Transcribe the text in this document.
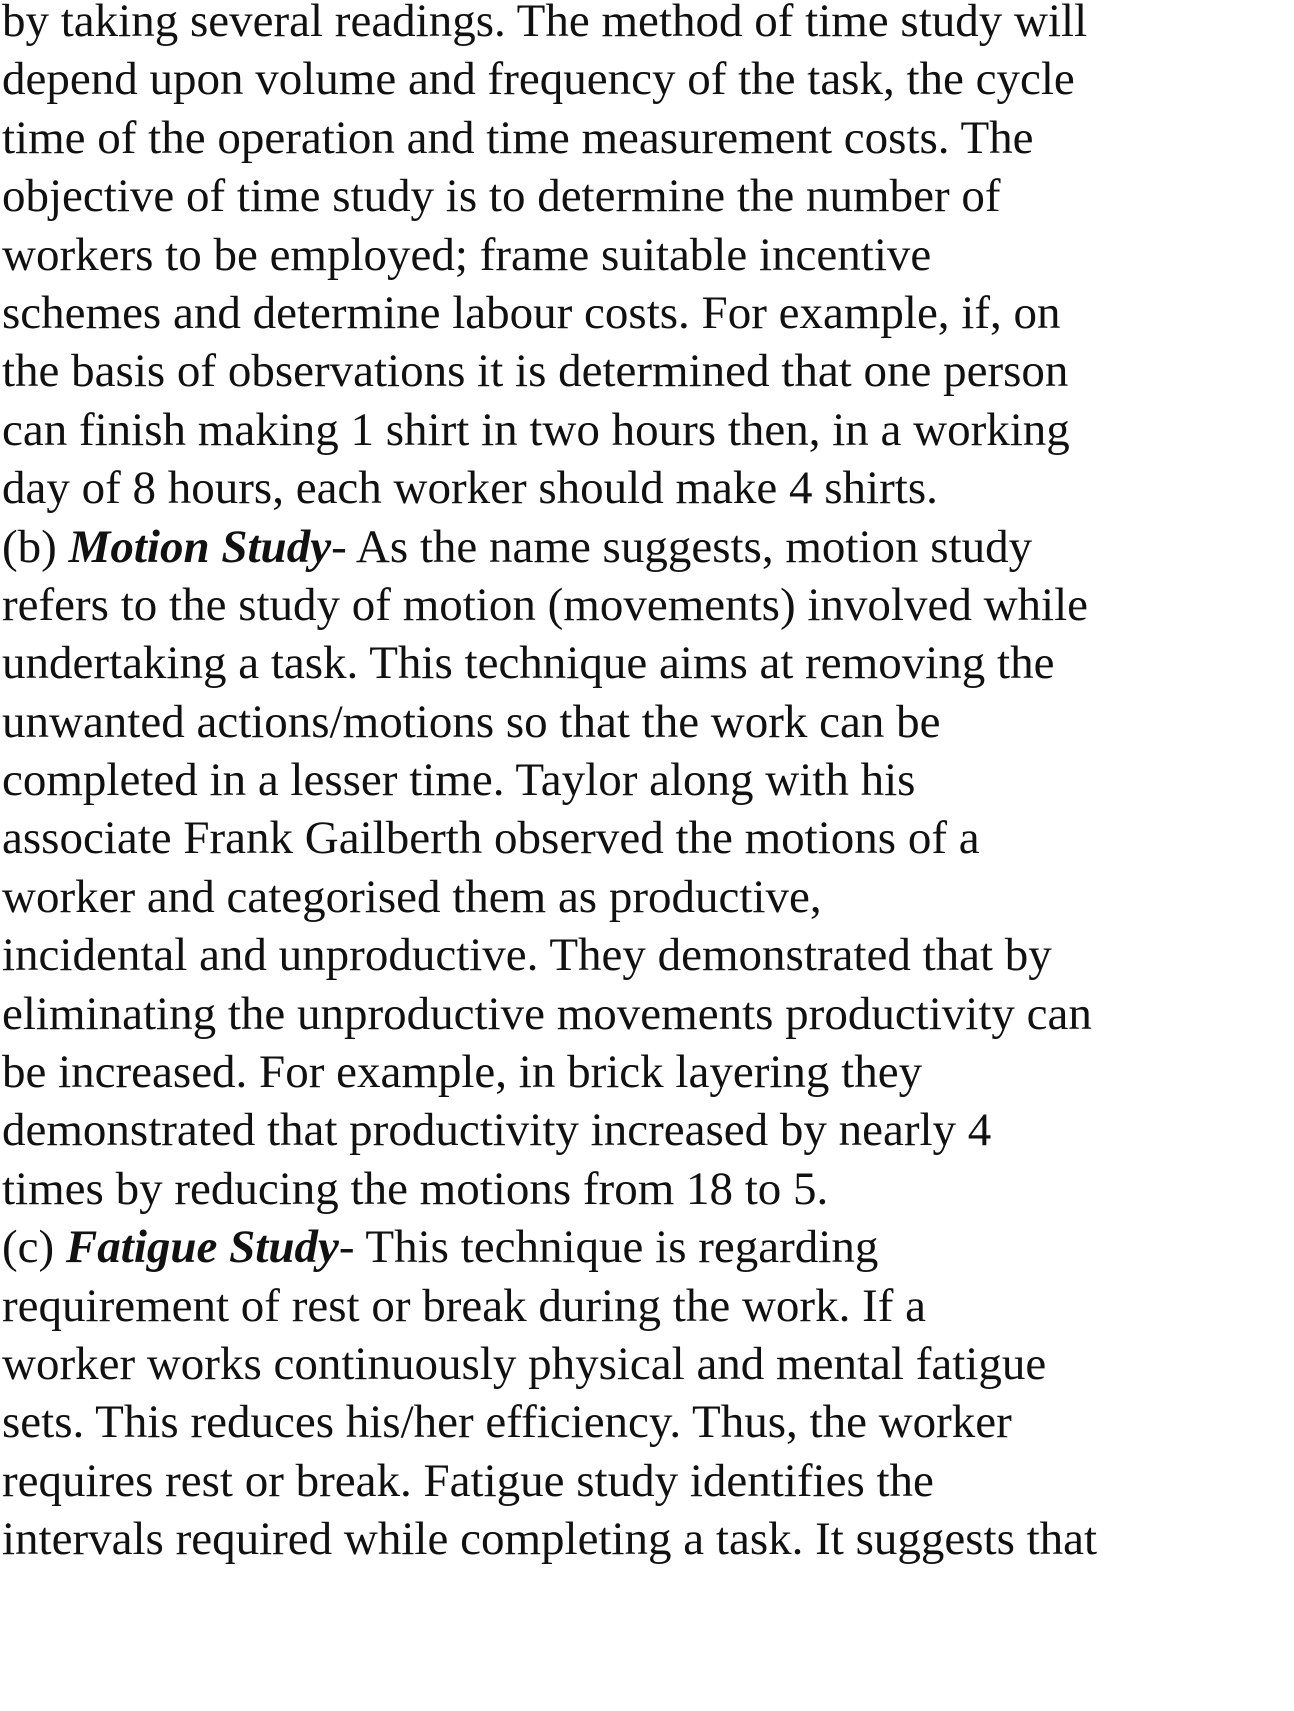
by taking several readings. The method of time study will
depend upon volume and frequency of the task, the cycle
time of the operation and time measurement costs. The
objective of time study is to determine the number of
workers to be employed; frame suitable incentive
schemes and determine labour costs. For example, if, on
the basis of observations it is determined that one person
can finish making 1 shirt in two hours then, in a working
day of 8 hours, each worker should make 4 shirts.
(b) Motion Study- As the name suggests, motion study
refers to the study of motion (movements) involved while
undertaking a task. This technique aims at removing the
unwanted actions/motions so that the work can be
completed in a lesser time. Taylor along with his
associate Frank Gailberth observed the motions of a
worker and categorised them as productive,
incidental and unproductive. They demonstrated that by
eliminating the unproductive movements productivity can
be increased. For example, in brick layering they
demonstrated that productivity increased by nearly 4
times by reducing the motions from 18 to 5.
(c) Fatigue Study- This technique is regarding
requirement of rest or break during the work. If a
worker works continuously physical and mental fatigue
sets. This reduces his/her efficiency. Thus, the worker
requires rest or break. Fatigue study identifies the
intervals required while completing a task. It suggests that
